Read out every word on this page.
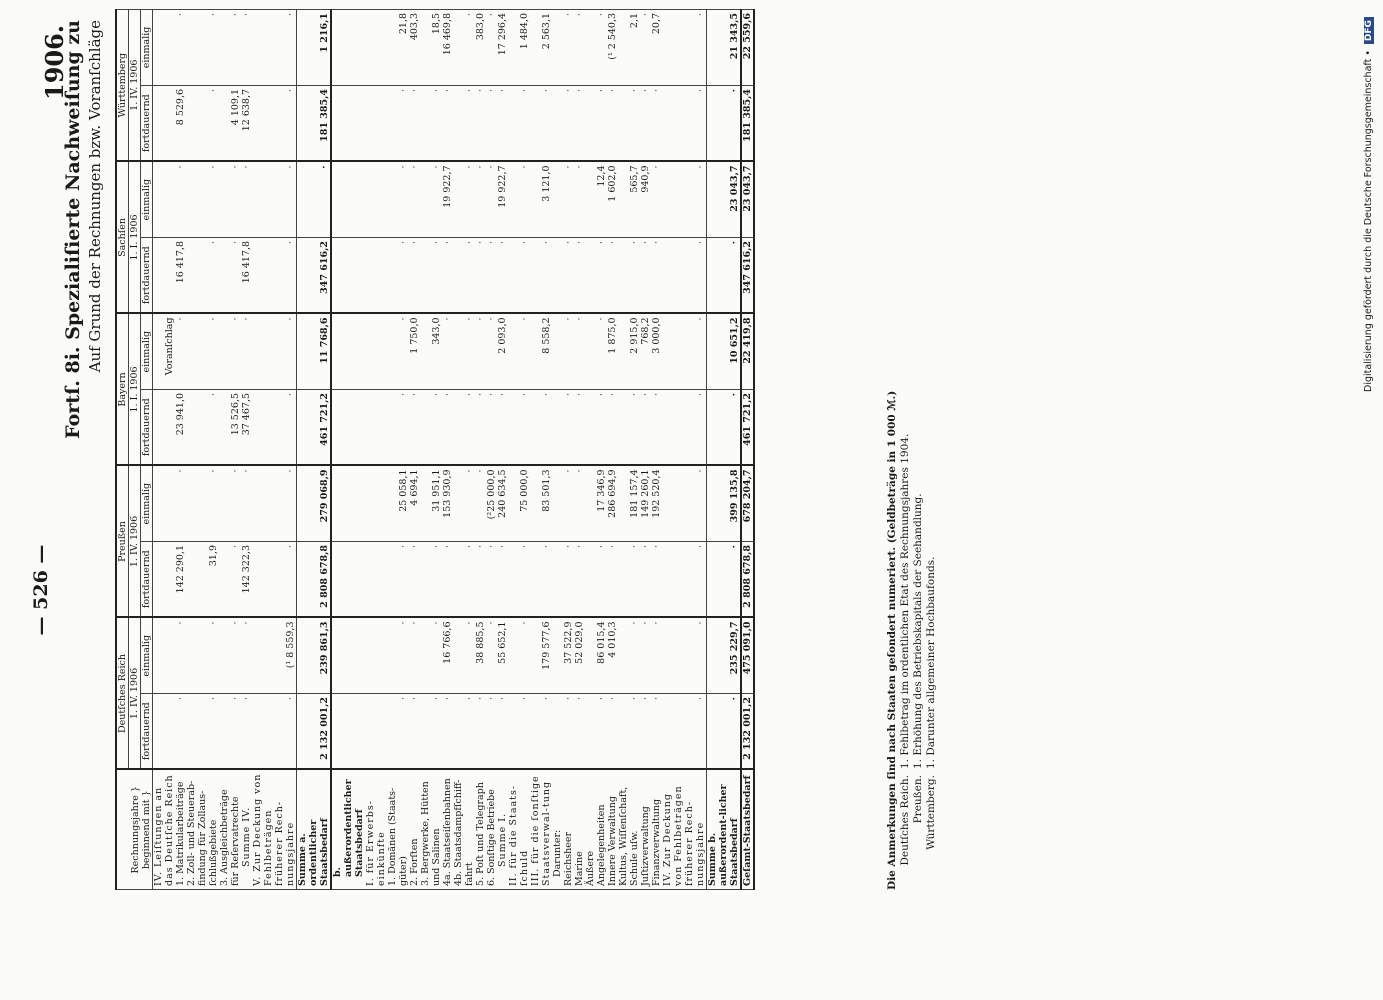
— 526 —
1906.
Fortſ. 8i. Spezialiſierte Nachweiſung zu Auf Grund der Rechnungen bzw. Voranſchläge
Rechnungsjahre } beginnend mit }	Deutſches Reich		Preußen		Bayern		Sachſen		Württemberg	
	1. IV. 1906		1. IV. 1906		1. I. 1906		1. I. 1906		1. IV. 1906	
	fortdauernd	einmalig	fortdauernd	einmalig	fortdauernd	einmalig	fortdauernd	einmalig	fortdauernd	einmalig
IV. Leiſtungen an das Deutſche Reich						Voranſchlag				
1. Matrikularbeiträge	·	·	142 290,1	·	23 941,0	·	16 417,8	·	8 529,6	·
2. Zoll- und Steuerab-findung für Zollaus-ſchlußgebiete	·	·	31,9	·	·	·	·	·	·	·
3. Ausgleichbeträge für Reſervatrechte	·	·	·	·	13 526,5	·	·	·	4 109,1	·
Summe IV.	·	·	142 322,3	·	37 467,5	·	16 417,8	·	12 638,7	·
V. Zur Deckung von Fehlbeträgen früherer Rech-nungsjahre	·	(¹ 8 559,3	·	·	·	·	·	·	·	·
Summe a. ordentlicher Staatsbedarf	2 132 001,2	239 861,3	2 808 678,8	279 068,9	461 721,2	11 768,6	347 616,2	·	181 385,4	1 216,1
b. außerordentlicher Staatsbedarf										
I. für Erwerbs-einkünfte										
1. Domänen (Staats-güter)	·	·	·	25 058,1	·	·	·	·	·	21,8
2. Forſten	·	·	·	4 694,1	·	1 750,0	·	·	·	403,3
3. Bergwerke, Hütten und Salinen	·	·	·	31 951,1	·	343,0	·	·	·	18,5
4a. Staatseiſenbahnen	·	16 766,6	·	153 930,9	·	·	·	19 922,7	·	16 469,8
4b. Staatsdampfſchiff-fahrt	·	·	·	·	·	·	·	·	·	·
5. Poſt und Telegraph	·	38 885,5	·	·	·	·	·	·	·	383,0
6. Sonſtige Betriebe	·	·	·	(²25 000,0	·	·	·	·	·	·
Summe I.	·	55 652,1	·	240 634,5	·	2 093,0	·	19 922,7	·	17 296,4
II. für die Staats-ſchuld	·	·	·	75 000,0	·	·	·	·	·	1 484,0
III. für die ſonſtige Staatsverwal-tung	·	179 577,6	·	83 501,3	·	8 558,2	·	3 121,0	·	2 563,1
Darunter:										
Reichsheer	·	37 522,9	·	·	·	·	·	·	·	·
Marine	·	52 029,0	·	·	·	·	·	·	·	·
Äußere Angelegenheiten	·	86 015,4	·	17 346,9	·	·	·	12,4	·	·
Innere Verwaltung	·	4 010,3	·	286 694,9	·	1 875,0	·	1 602,0	·	(¹ 2 540,3
Kultus, Wiſſenſchaft, Schule uſw.	·	·	·	181 157,4	·	2 915,0	·	565,7	·	2,1
Juſtizverwaltung	·	·	·	149 260,1	·	768,2	·	940,9	·	·
Finanzverwaltung	·	·	·	192 520,4	·	3 000,0	·	·	·	20,7
IV. Zur Deckung von Fehlbeträgen früherer Rech-nungsjahre	·	·	·	·	·	·	·	·	·	·
Summe b. außerordent-licher Staatsbedarf	·	235 229,7	·	399 135,8	·	10 651,2	·	23 043,7	·	21 343,5
Geſamt-Staatsbedarf	2 132 001,2	475 091,0	2 808 678,8	678 204,7	461 721,2	22 419,8	347 616,2	23 043,7	181 385,4	22 559,6
Die Anmerkungen ſind nach Staaten geſondert numeriert. (Geldbeträge in 1 000 ℳ.) Deutſches Reich.
1. Fehlbetrag im ordentlichen Etat des Rechnungsjahres 1904.
Preußen.
1. Erhöhung des Betriebskapitals der Seehandlung.
Württemberg.
1. Darunter allgemeiner Hochbaufonds.
Digitalisierung gefördert durch die Deutsche Forschungsgemeinschaft •DFG
